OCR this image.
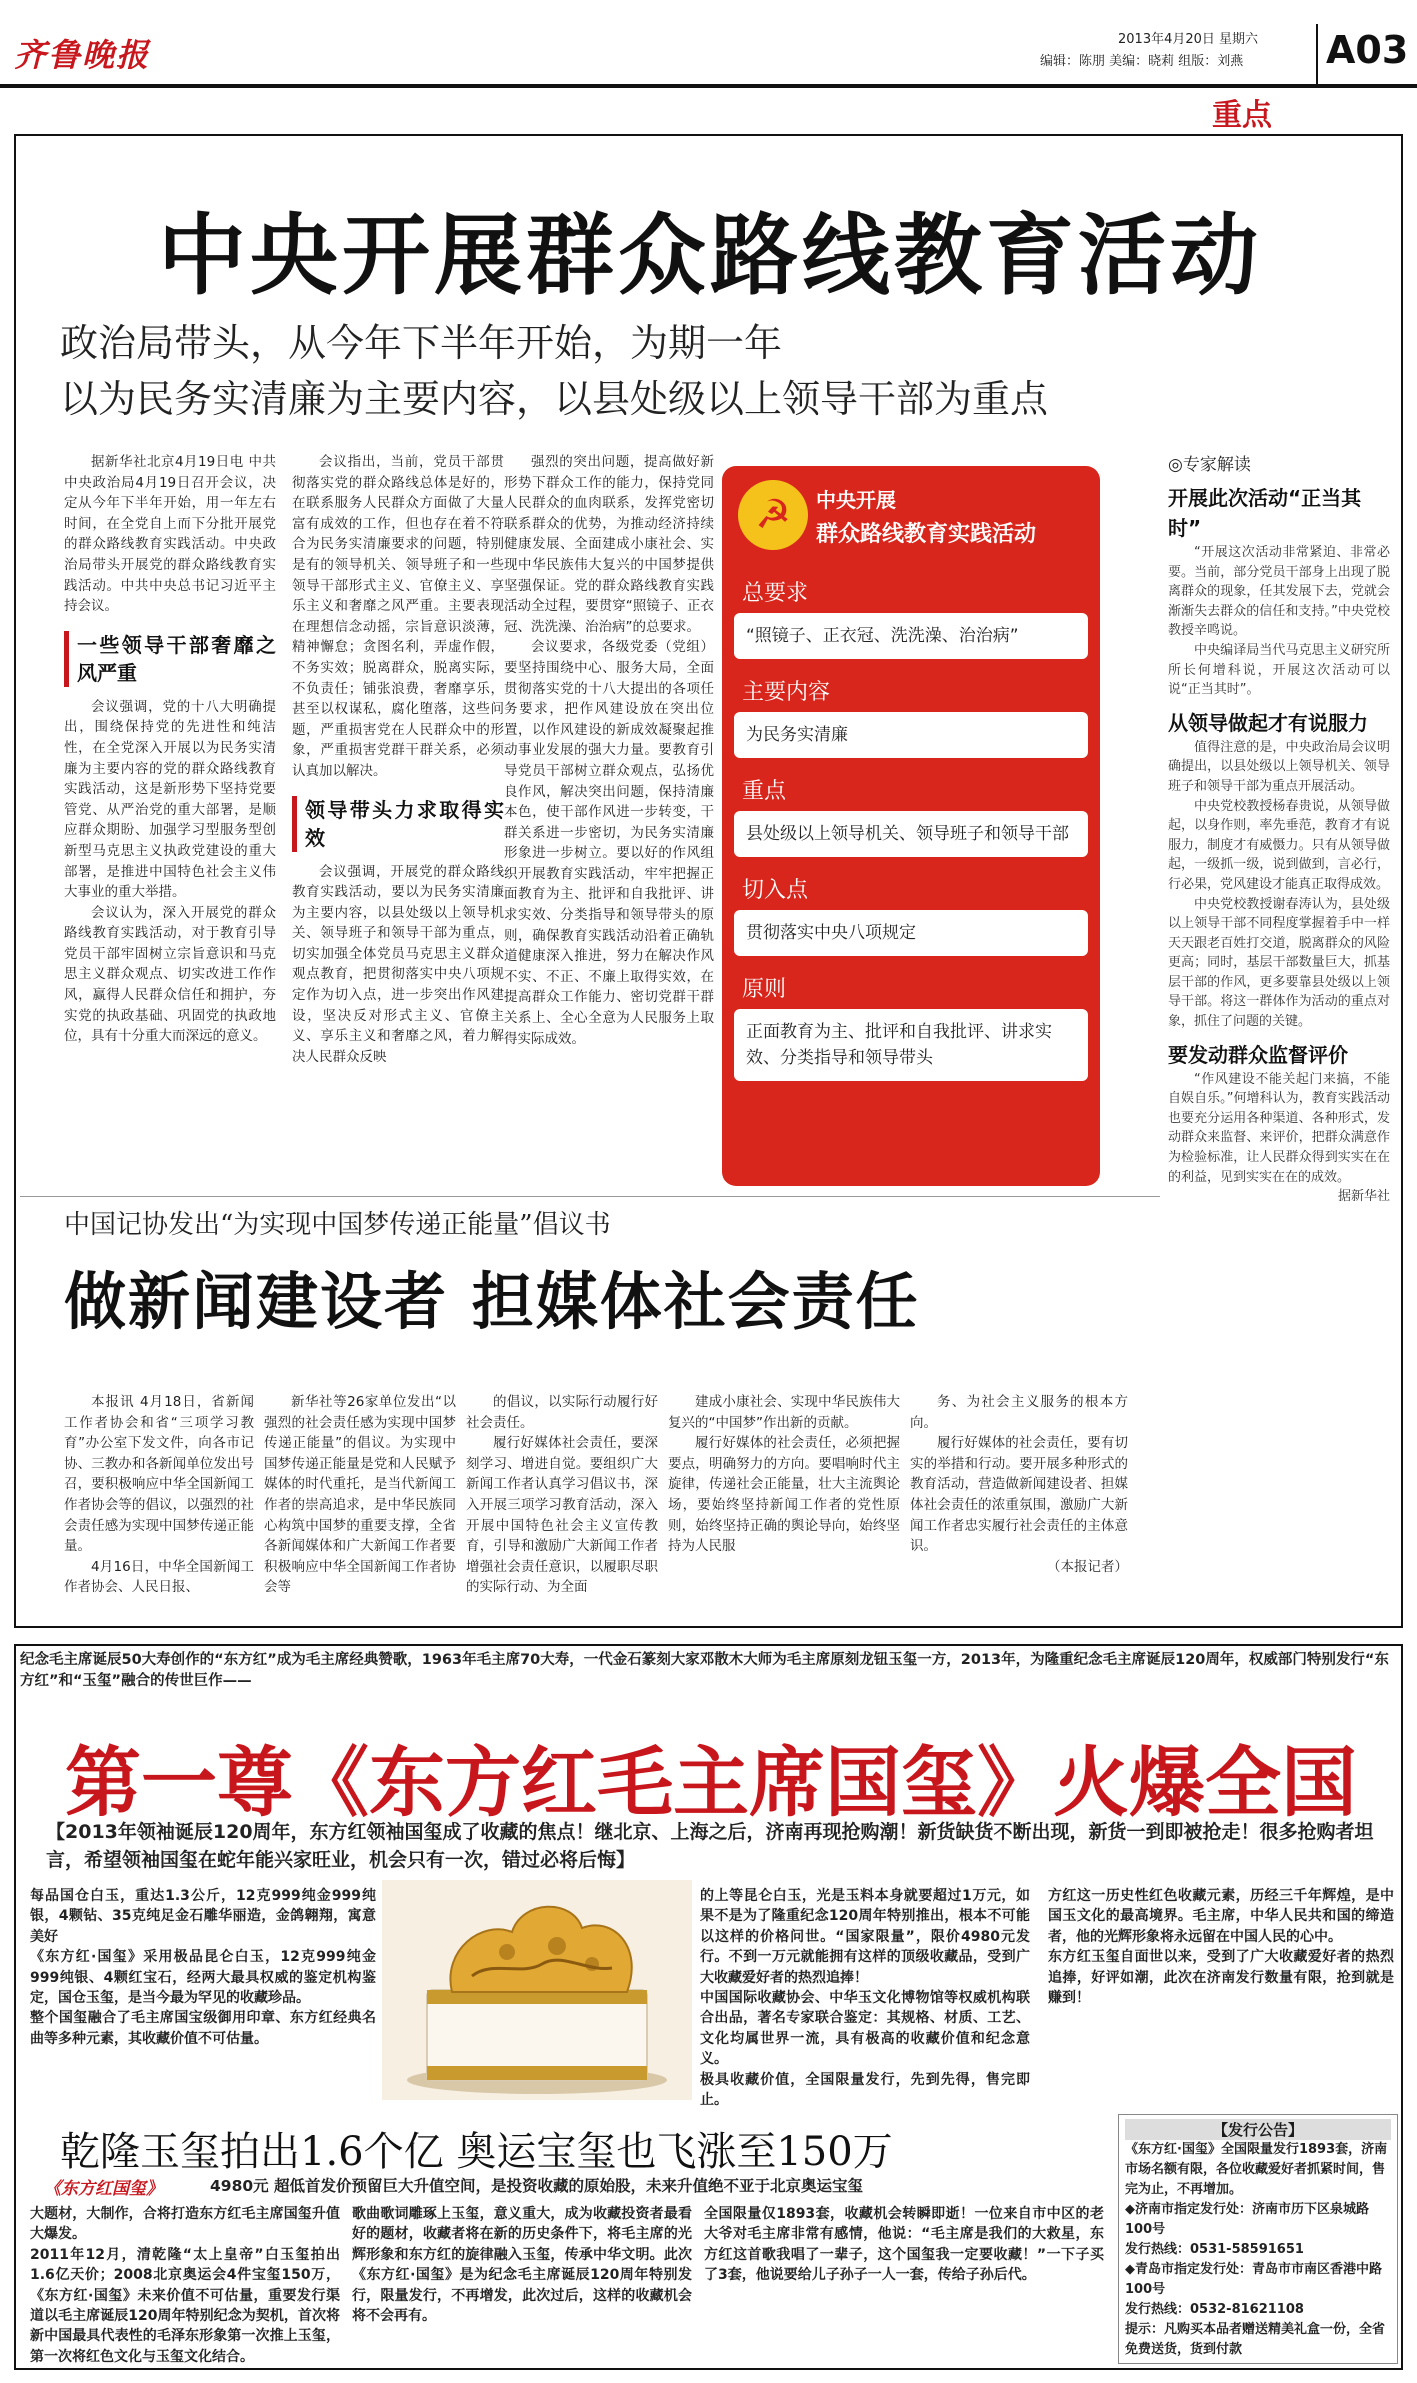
齐鲁晚报	2013年4月20日 星期六
编辑：陈朋 美编：晓莉 组版：刘燕 A03
重点
中央开展群众路线教育活动
政治局带头，从今年下半年开始，为期一年
以为民务实清廉为主要内容，以县处级以上领导干部为重点

据新华社北京4月19日电 中共中央政治局4月19日召开会议，决定从今年下半年开始，用一年左右时间，在全党自上而下分批开展党的群众路线教育实践活动。中央政治局带头开展党的群众路线教育实践活动。中共中央总书记习近平主持会议。

一些领导干部奢靡之风严重

会议强调，党的十八大明确提出，围绕保持党的先进性和纯洁性，在全党深入开展以为民务实清廉为主要内容的党的群众路线教育实践活动，这是新形势下坚持党要管党、从严治党的重大部署，是顺应群众期盼、加强学习型服务型创新型马克思主义执政党建设的重大部署，是推进中国特色社会主义伟大事业的重大举措。

会议认为，深入开展党的群众路线教育实践活动，对于教育引导党员干部牢固树立宗旨意识和马克思主义群众观点、切实改进工作作风，赢得人民群众信任和拥护，夯实党的执政基础、巩固党的执政地位，具有十分重大而深远的意义。

会议指出，当前，党员干部贯彻落实党的群众路线总体是好的，在联系服务人民群众方面做了大量富有成效的工作，但也存在着不符合为民务实清廉要求的问题，特别是有的领导机关、领导班子和一些领导干部形式主义、官僚主义、享乐主义和奢靡之风严重。主要表现在理想信念动摇，宗旨意识淡薄，精神懈怠；贪图名利，弄虚作假，不务实效；脱离群众，脱离实际，不负责任；铺张浪费，奢靡享乐，甚至以权谋私，腐化堕落，这些问题，严重损害党在人民群众中的形象，严重损害党群干群关系，必须认真加以解决。

领导带头力求取得实效

会议强调，开展党的群众路线教育实践活动，要以为民务实清廉为主要内容，以县处级以上领导机关、领导班子和领导干部为重点，切实加强全体党员马克思主义群众观点教育，把贯彻落实中央八项规定作为切入点，进一步突出作风建设，坚决反对形式主义、官僚主义、享乐主义和奢靡之风，着力解决人民群众反映

强烈的突出问题，提高做好新形势下群众工作的能力，保持党同人民群众的血肉联系，发挥党密切联系群众的优势，为推动经济持续健康发展、全面建成小康社会、实现中华民族伟大复兴的中国梦提供坚强保证。党的群众路线教育实践活动全过程，要贯穿“照镜子、正衣冠、洗洗澡、治治病”的总要求。

会议要求，各级党委（党组）要坚持围绕中心、服务大局，全面贯彻落实党的十八大提出的各项任务要求，把作风建设放在突出位置，以作风建设的新成效凝聚起推动事业发展的强大力量。要教育引导党员干部树立群众观点，弘扬优良作风，解决突出问题，保持清廉本色，使干部作风进一步转变，干群关系进一步密切，为民务实清廉形象进一步树立。要以好的作风组织开展教育实践活动，牢牢把握正面教育为主、批评和自我批评、讲求实效、分类指导和领导带头的原则，确保教育实践活动沿着正确轨道健康深入推进，努力在解决作风不实、不正、不廉上取得实效，在提高群众工作能力、密切党群干群关系上、全心全意为人民服务上取得实际成效。

☭	中央开展
群众路线教育实践活动
总要求
“照镜子、正衣冠、洗洗澡、治治病”
主要内容
为民务实清廉
重点
县处级以上领导机关、领导班子和领导干部
切入点
贯彻落实中央八项规定
原则
正面教育为主、批评和自我批评、讲求实效、分类指导和领导带头
◎专家解读
开展此次活动“正当其时”

“开展这次活动非常紧迫、非常必要。当前，部分党员干部身上出现了脱离群众的现象，任其发展下去，党就会渐渐失去群众的信任和支持。”中央党校教授辛鸣说。

中央编译局当代马克思主义研究所所长何增科说，开展这次活动可以说“正当其时”。

从领导做起才有说服力

值得注意的是，中央政治局会议明确提出，以县处级以上领导机关、领导班子和领导干部为重点开展活动。

中央党校教授杨春贵说，从领导做起，以身作则，率先垂范，教育才有说服力，制度才有威慑力。只有从领导做起，一级抓一级，说到做到，言必行，行必果，党风建设才能真正取得成效。

中央党校教授谢春涛认为，县处级以上领导干部不同程度掌握着手中一样天天跟老百姓打交道，脱离群众的风险更高；同时，基层干部数量巨大，抓基层干部的作风，更多要靠县处级以上领导干部。将这一群体作为活动的重点对象，抓住了问题的关键。

要发动群众监督评价

“作风建设不能关起门来搞，不能自娱自乐。”何增科认为，教育实践活动也要充分运用各种渠道、各种形式，发动群众来监督、来评价，把群众满意作为检验标准，让人民群众得到实实在在的利益，见到实实在在的成效。

据新华社

中国记协发出“为实现中国梦传递正能量”倡议书
做新闻建设者 担媒体社会责任

本报讯 4月18日，省新闻工作者协会和省“三项学习教育”办公室下发文件，向各市记协、三教办和各新闻单位发出号召，要积极响应中华全国新闻工作者协会等的倡议，以强烈的社会责任感为实现中国梦传递正能量。

4月16日，中华全国新闻工作者协会、人民日报、

新华社等26家单位发出“以强烈的社会责任感为实现中国梦传递正能量”的倡议。为实现中国梦传递正能量是党和人民赋予媒体的时代重托，是当代新闻工作者的崇高追求，是中华民族同心构筑中国梦的重要支撑，全省各新闻媒体和广大新闻工作者要积极响应中华全国新闻工作者协会等

的倡议，以实际行动履行好社会责任。

履行好媒体社会责任，要深刻学习、增进自觉。要组织广大新闻工作者认真学习倡议书，深入开展三项学习教育活动，深入开展中国特色社会主义宣传教育，引导和激励广大新闻工作者增强社会责任意识，以履职尽职的实际行动、为全面

建成小康社会、实现中华民族伟大复兴的“中国梦”作出新的贡献。

履行好媒体的社会责任，必须把握要点，明确努力的方向。要唱响时代主旋律，传递社会正能量，壮大主流舆论场，要始终坚持新闻工作者的党性原则，始终坚持正确的舆论导向，始终坚持为人民服

务、为社会主义服务的根本方向。

履行好媒体的社会责任，要有切实的举措和行动。要开展多种形式的教育活动，营造做新闻建设者、担媒体社会责任的浓重氛围，激励广大新闻工作者忠实履行社会责任的主体意识。

（本报记者）

纪念毛主席诞辰50大寿创作的“东方红”成为毛主席经典赞歌，1963年毛主席70大寿，一代金石篆刻大家邓散木大师为毛主席原刻龙钮玉玺一方，2013年，为隆重纪念毛主席诞辰120周年，权威部门特别发行“东方红”和“玉玺”融合的传世巨作——
第一尊《东方红毛主席国玺》火爆全国
【2013年领袖诞辰120周年，东方红领袖国玺成了收藏的焦点！继北京、上海之后，济南再现抢购潮！新货缺货不断出现，新货一到即被抢走！很多抢购者坦言，希望领袖国玺在蛇年能兴家旺业，机会只有一次，错过必将后悔】

每品国仓白玉，重达1.3公斤，12克999纯金999纯银，4颗钻、35克纯足金石雕华丽造，金鸽翱翔，寓意美好

《东方红·国玺》采用极品昆仑白玉，12克999纯金999纯银、4颗红宝石，经两大最具权威的鉴定机构鉴定，国仓玉玺，是当今最为罕见的收藏珍品。

整个国玺融合了毛主席国宝级御用印章、东方红经典名曲等多种元素，其收藏价值不可估量。

的上等昆仑白玉，光是玉料本身就要超过1万元，如果不是为了隆重纪念120周年特别推出，根本不可能以这样的价格问世。“国家限量”，限价4980元发行。不到一万元就能拥有这样的顶级收藏品，受到广大收藏爱好者的热烈追捧！

中国国际收藏协会、中华玉文化博物馆等权威机构联合出品，著名专家联合鉴定：其规格、材质、工艺、文化均属世界一流，具有极高的收藏价值和纪念意义。

极具收藏价值，全国限量发行，先到先得，售完即止。

方红这一历史性红色收藏元素，历经三千年辉煌，是中国玉文化的最高境界。毛主席，中华人民共和国的缔造者，他的光辉形象将永远留在中国人民的心中。

东方红玉玺自面世以来，受到了广大收藏爱好者的热烈追捧，好评如潮，此次在济南发行数量有限，抢到就是赚到！

乾隆玉玺拍出1.6个亿 奥运宝玺也飞涨至150万
《东方红国玺》	4980元 超低首发价预留巨大升值空间，是投资收藏的原始股，未来升值绝不亚于北京奥运宝玺

大题材，大制作，合将打造东方红毛主席国玺升值大爆发。

2011年12月，清乾隆“太上皇帝”白玉玺拍出1.6亿天价；2008北京奥运会4件宝玺150万，《东方红·国玺》未来价值不可估量，重要发行渠道以毛主席诞辰120周年特别纪念为契机，首次将新中国最具代表性的毛泽东形象第一次推上玉玺，第一次将红色文化与玉玺文化结合。

歌曲歌词雕琢上玉玺，意义重大，成为收藏投资者最看好的题材，收藏者将在新的历史条件下，将毛主席的光辉形象和东方红的旋律融入玉玺，传承中华文明。此次《东方红·国玺》是为纪念毛主席诞辰120周年特别发行，限量发行，不再增发，此次过后，这样的收藏机会将不会再有。

全国限量仅1893套，收藏机会转瞬即逝！一位来自市中区的老大爷对毛主席非常有感情，他说：“毛主席是我们的大救星，东方红这首歌我唱了一辈子，这个国玺我一定要收藏！”一下子买了3套，他说要给儿子孙子一人一套，传给子孙后代。

【发行公告】
《东方红·国玺》全国限量发行1893套，济南市场名额有限，各位收藏爱好者抓紧时间，售完为止，不再增加。
◆济南市指定发行处：济南市历下区泉城路100号
发行热线：0531-58591651
◆青岛市指定发行处：青岛市市南区香港中路100号
发行热线：0532-81621108
提示：凡购买本品者赠送精美礼盒一份，全省免费送货，货到付款
